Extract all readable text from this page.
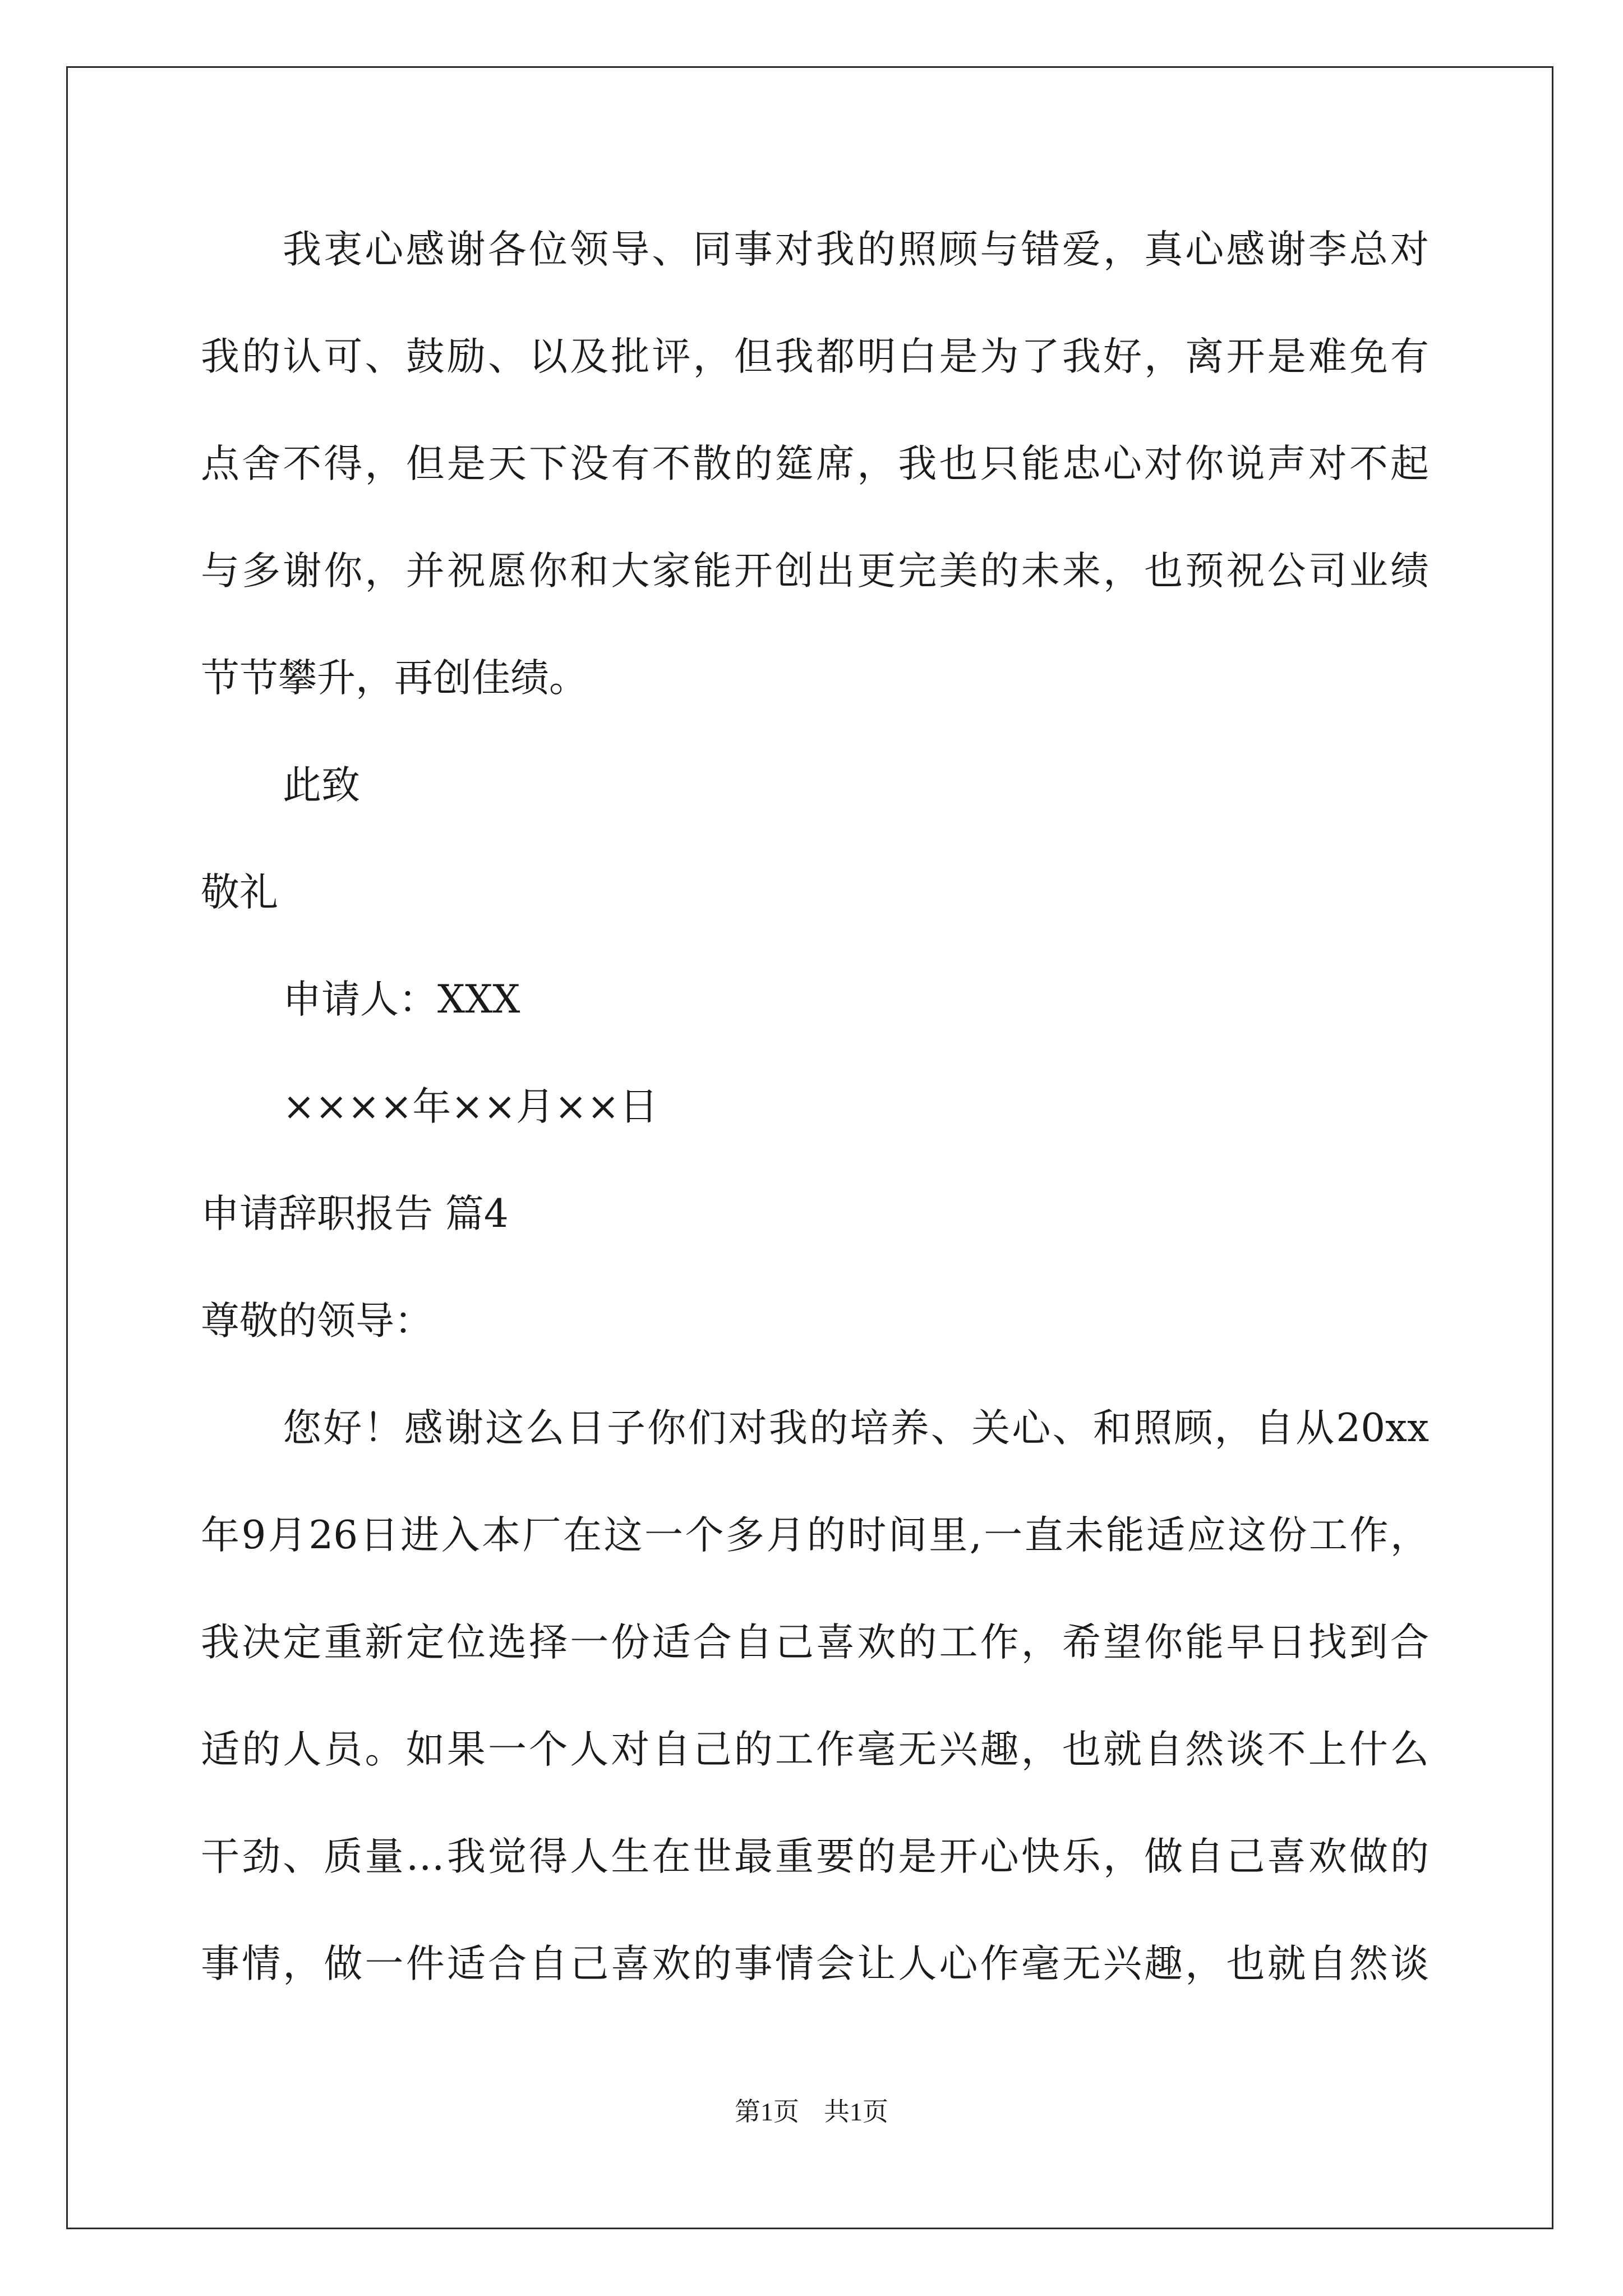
我衷心感谢各位领导、同事对我的照顾与错爱，真心感谢李总对
我的认可、鼓励、以及批评，但我都明白是为了我好，离开是难免有
点舍不得，但是天下没有不散的筵席，我也只能忠心对你说声对不起
与多谢你，并祝愿你和大家能开创出更完美的未来，也预祝公司业绩
节节攀升，再创佳绩。
此致
敬礼
申请人：XXX
××××年××月××日
申请辞职报告 篇4
尊敬的领导：
您好！感谢这么日子你们对我的培养、关心、和照顾，自从20xx
年9月26日进入本厂在这一个多月的时间里,一直未能适应这份工作，
我决定重新定位选择一份适合自己喜欢的工作，希望你能早日找到合
适的人员。如果一个人对自己的工作毫无兴趣，也就自然谈不上什么
干劲、质量…我觉得人生在世最重要的是开心快乐，做自己喜欢做的
事情，做一件适合自己喜欢的事情会让人心作毫无兴趣，也就自然谈
第1页 共1页
